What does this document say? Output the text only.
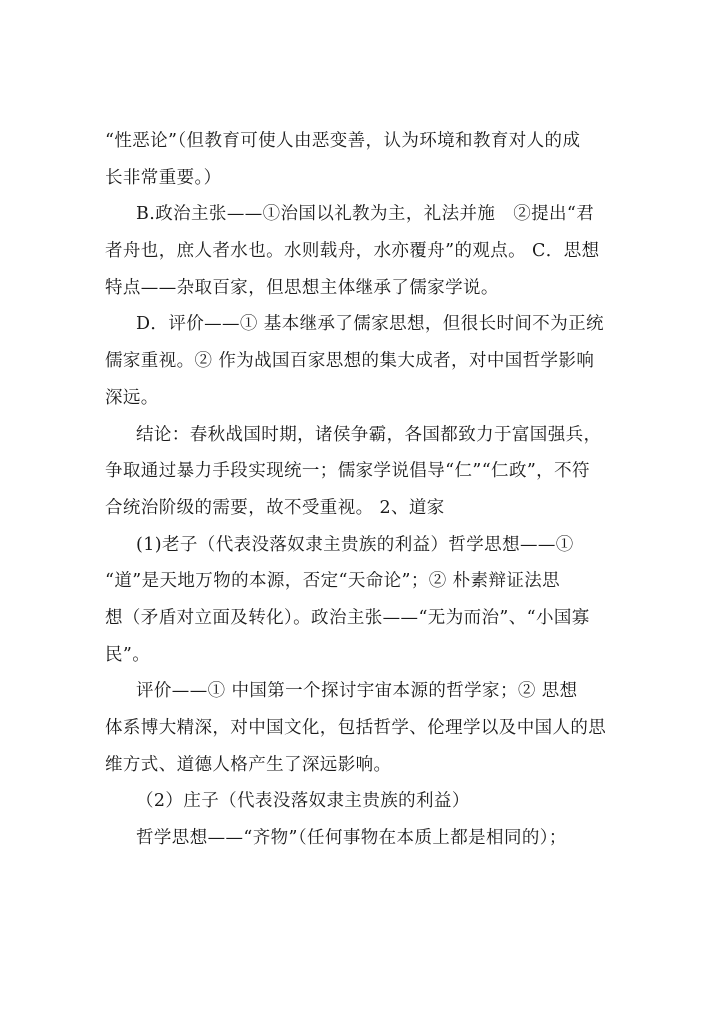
“性恶论”（但教育可使人由恶变善，认为环境和教育对人的成
长非常重要。）
B.政治主张——①治国以礼教为主，礼法并施　②提出“君
者舟也，庶人者水也。水则载舟，水亦覆舟”的观点。 C．思想
特点——杂取百家，但思想主体继承了儒家学说。
D．评价——① 基本继承了儒家思想，但很长时间不为正统
儒家重视。② 作为战国百家思想的集大成者，对中国哲学影响
深远。
结论：春秋战国时期，诸侯争霸，各国都致力于富国强兵，
争取通过暴力手段实现统一；儒家学说倡导“仁”“仁政”，不符
合统治阶级的需要，故不受重视。 2、道家
(1)老子（代表没落奴隶主贵族的利益）哲学思想——①
“道”是天地万物的本源，否定“天命论”；② 朴素辩证法思
想（矛盾对立面及转化）。政治主张——“无为而治”、“小国寡
民”。
评价——① 中国第一个探讨宇宙本源的哲学家；② 思想
体系博大精深，对中国文化，包括哲学、伦理学以及中国人的思
维方式、道德人格产生了深远影响。
（2）庄子（代表没落奴隶主贵族的利益）
哲学思想——“齐物”（任何事物在本质上都是相同的）；
